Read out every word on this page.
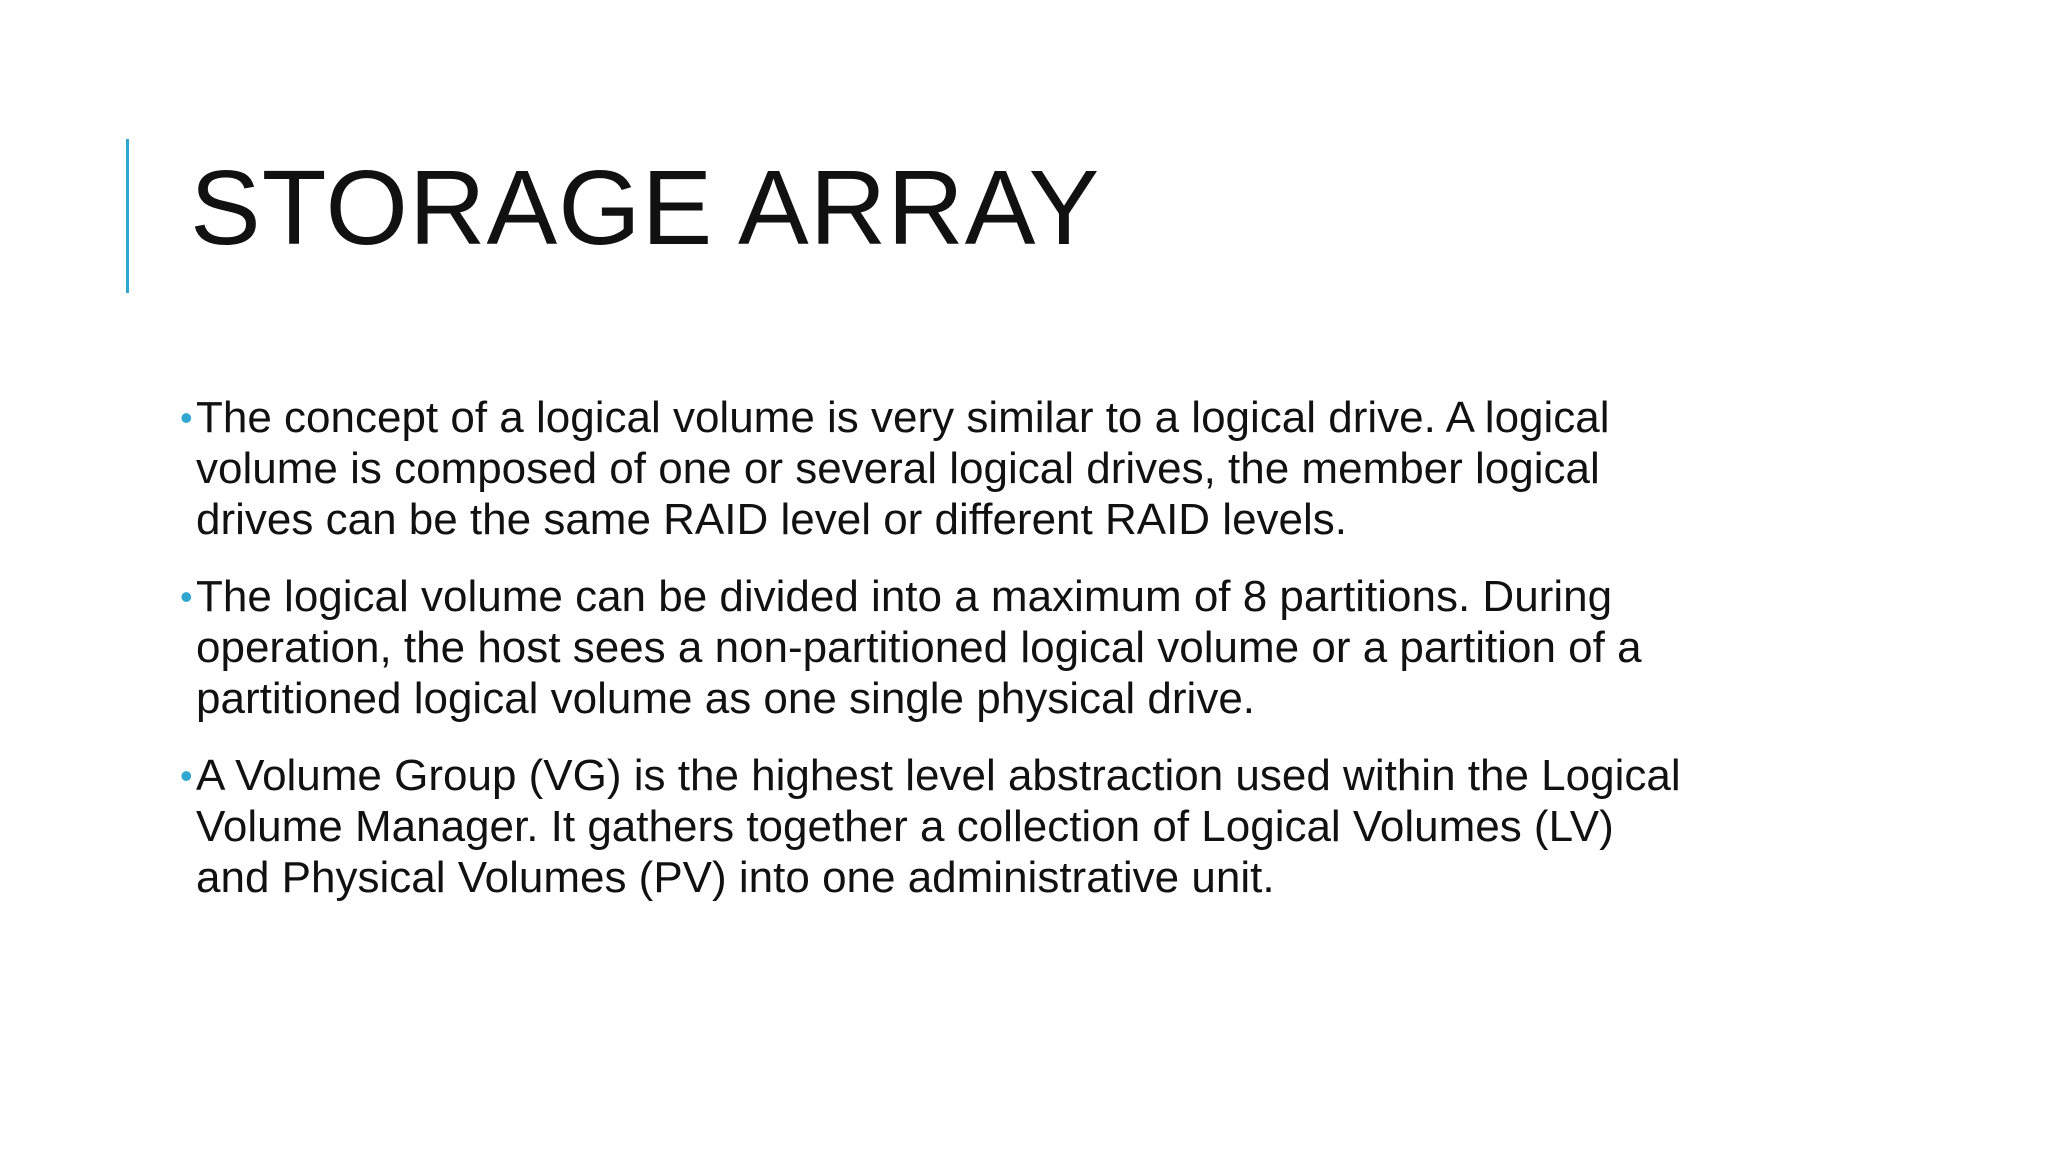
STORAGE ARRAY
• The concept of a logical volume is very similar to a logical drive. A logical
volume is composed of one or several logical drives, the member logical
drives can be the same RAID level or different RAID levels.
• The logical volume can be divided into a maximum of 8 partitions. During
operation, the host sees a non-partitioned logical volume or a partition of a
partitioned logical volume as one single physical drive.
• A Volume Group (VG) is the highest level abstraction used within the Logical
Volume Manager. It gathers together a collection of Logical Volumes (LV)
and Physical Volumes (PV) into one administrative unit.
